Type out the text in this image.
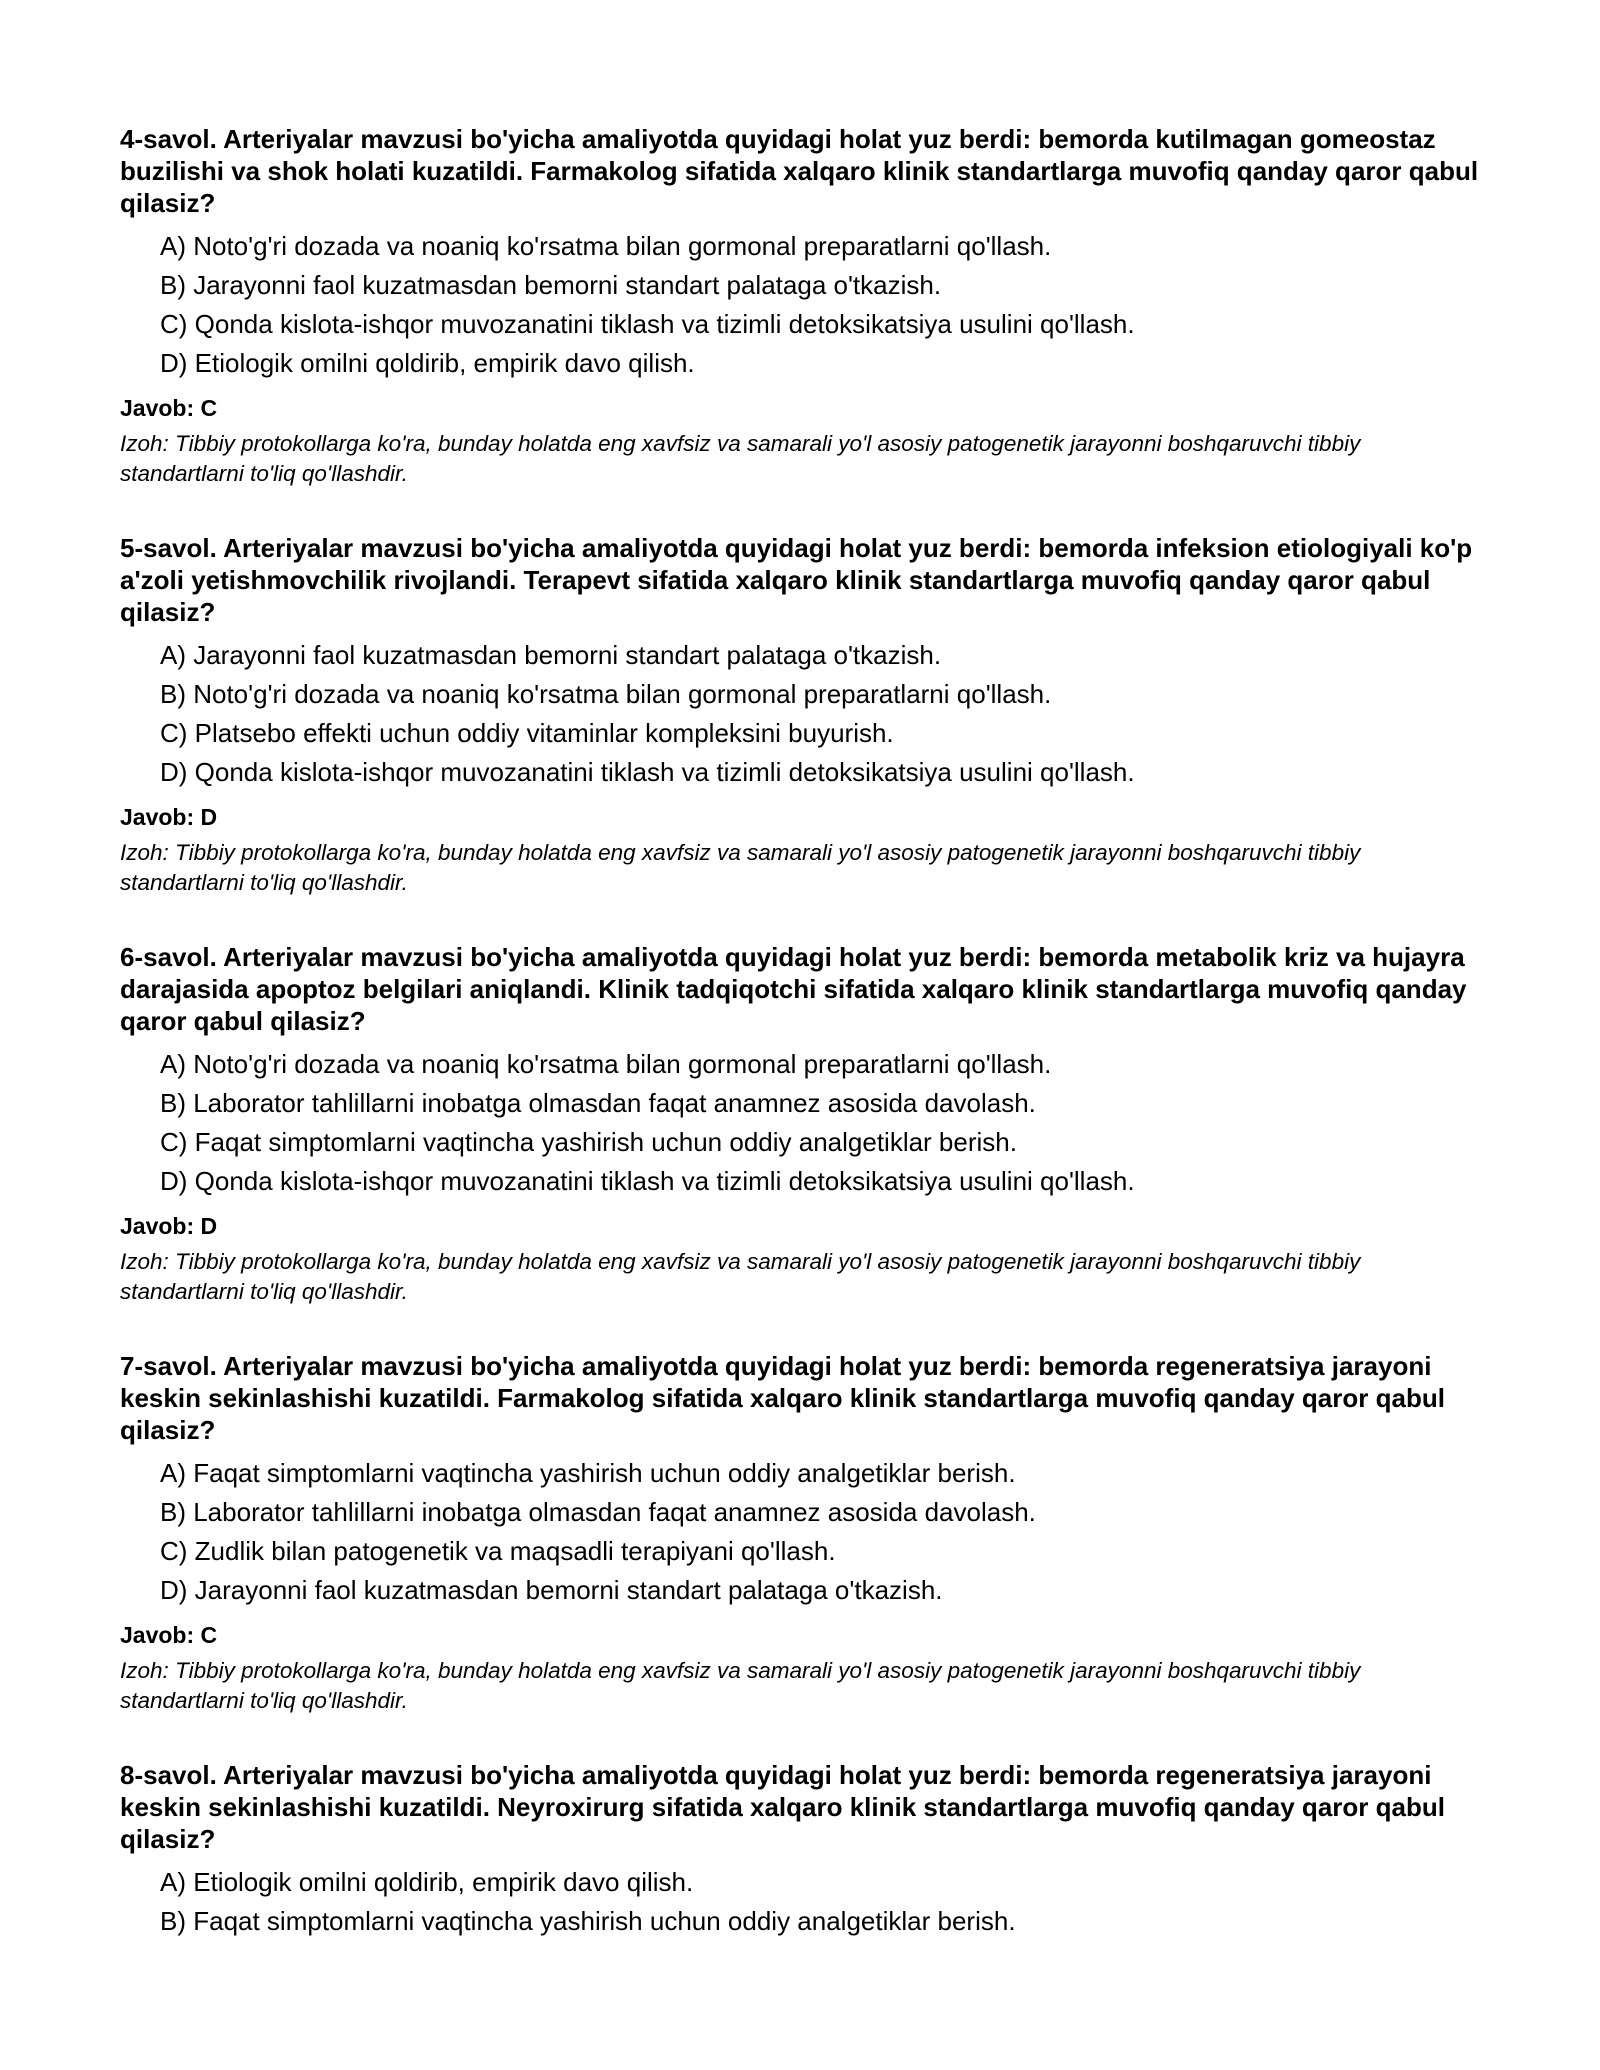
4-savol. Arteriyalar mavzusi bo'yicha amaliyotda quyidagi holat yuz berdi: bemorda kutilmagan gomeostaz buzilishi va shok holati kuzatildi. Farmakolog sifatida xalqaro klinik standartlarga muvofiq qanday qaror qabul qilasiz?

A) Noto'g'ri dozada va noaniq ko'rsatma bilan gormonal preparatlarni qo'llash.
B) Jarayonni faol kuzatmasdan bemorni standart palataga o'tkazish.
C) Qonda kislota-ishqor muvozanatini tiklash va tizimli detoksikatsiya usulini qo'llash.
D) Etiologik omilni qoldirib, empirik davo qilish.

Javob: C

Izoh: Tibbiy protokollarga ko'ra, bunday holatda eng xavfsiz va samarali yo'l asosiy patogenetik jarayonni boshqaruvchi tibbiy standartlarni to'liq qo'llashdir.

5-savol. Arteriyalar mavzusi bo'yicha amaliyotda quyidagi holat yuz berdi: bemorda infeksion etiologiyali ko'p a'zoli yetishmovchilik rivojlandi. Terapevt sifatida xalqaro klinik standartlarga muvofiq qanday qaror qabul qilasiz?

A) Jarayonni faol kuzatmasdan bemorni standart palataga o'tkazish.
B) Noto'g'ri dozada va noaniq ko'rsatma bilan gormonal preparatlarni qo'llash.
C) Platsebo effekti uchun oddiy vitaminlar kompleksini buyurish.
D) Qonda kislota-ishqor muvozanatini tiklash va tizimli detoksikatsiya usulini qo'llash.

Javob: D

Izoh: Tibbiy protokollarga ko'ra, bunday holatda eng xavfsiz va samarali yo'l asosiy patogenetik jarayonni boshqaruvchi tibbiy standartlarni to'liq qo'llashdir.

6-savol. Arteriyalar mavzusi bo'yicha amaliyotda quyidagi holat yuz berdi: bemorda metabolik kriz va hujayra darajasida apoptoz belgilari aniqlandi. Klinik tadqiqotchi sifatida xalqaro klinik standartlarga muvofiq qanday qaror qabul qilasiz?

A) Noto'g'ri dozada va noaniq ko'rsatma bilan gormonal preparatlarni qo'llash.
B) Laborator tahlillarni inobatga olmasdan faqat anamnez asosida davolash.
C) Faqat simptomlarni vaqtincha yashirish uchun oddiy analgetiklar berish.
D) Qonda kislota-ishqor muvozanatini tiklash va tizimli detoksikatsiya usulini qo'llash.

Javob: D

Izoh: Tibbiy protokollarga ko'ra, bunday holatda eng xavfsiz va samarali yo'l asosiy patogenetik jarayonni boshqaruvchi tibbiy standartlarni to'liq qo'llashdir.

7-savol. Arteriyalar mavzusi bo'yicha amaliyotda quyidagi holat yuz berdi: bemorda regeneratsiya jarayoni keskin sekinlashishi kuzatildi. Farmakolog sifatida xalqaro klinik standartlarga muvofiq qanday qaror qabul qilasiz?

A) Faqat simptomlarni vaqtincha yashirish uchun oddiy analgetiklar berish.
B) Laborator tahlillarni inobatga olmasdan faqat anamnez asosida davolash.
C) Zudlik bilan patogenetik va maqsadli terapiyani qo'llash.
D) Jarayonni faol kuzatmasdan bemorni standart palataga o'tkazish.

Javob: C

Izoh: Tibbiy protokollarga ko'ra, bunday holatda eng xavfsiz va samarali yo'l asosiy patogenetik jarayonni boshqaruvchi tibbiy standartlarni to'liq qo'llashdir.

8-savol. Arteriyalar mavzusi bo'yicha amaliyotda quyidagi holat yuz berdi: bemorda regeneratsiya jarayoni keskin sekinlashishi kuzatildi. Neyroxirurg sifatida xalqaro klinik standartlarga muvofiq qanday qaror qabul qilasiz?

A) Etiologik omilni qoldirib, empirik davo qilish.
B) Faqat simptomlarni vaqtincha yashirish uchun oddiy analgetiklar berish.
